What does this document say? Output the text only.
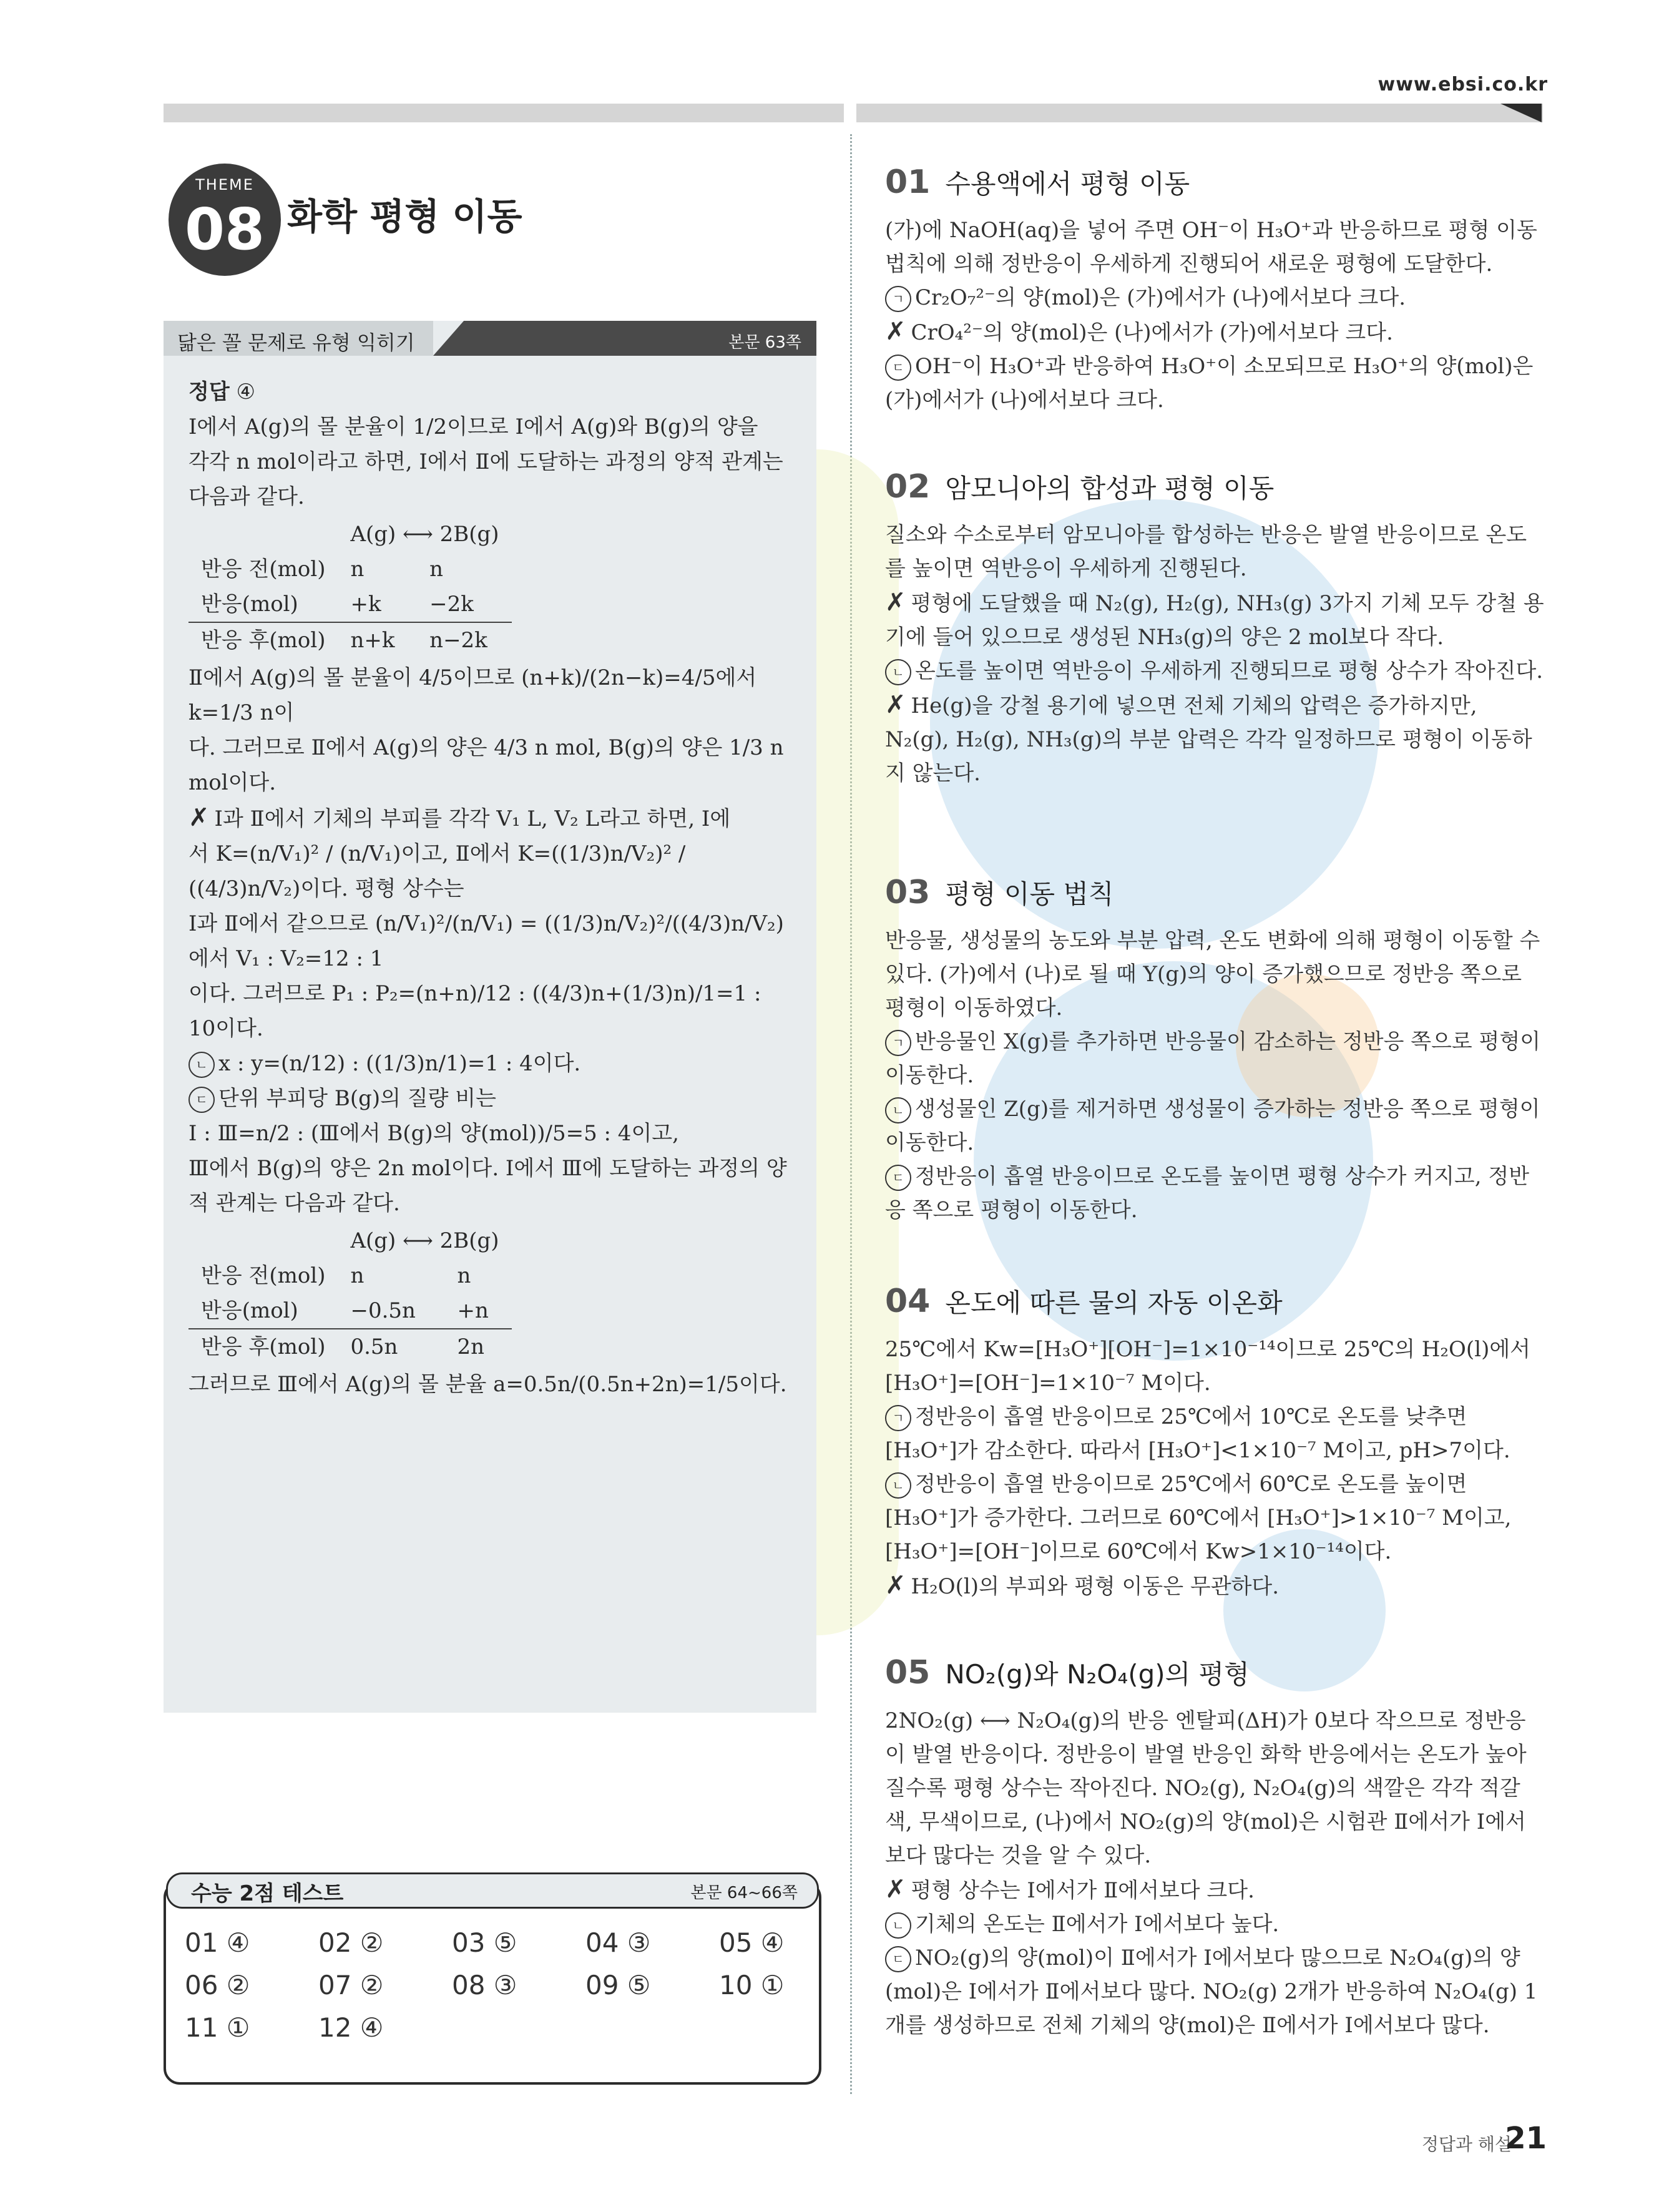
www.ebsi.co.kr
THEME
08 화학 평형 이동
닮은 꼴 문제로 유형 익히기	본문 63쪽

정답 ④

Ⅰ에서 A(g)의 몰 분율이 1/2이므로 Ⅰ에서 A(g)와 B(g)의 양을

각각 n mol이라고 하면, Ⅰ에서 Ⅱ에 도달하는 과정의 양적 관계는 다음과 같다.

	A(g) ⟷ 2B(g)	
반응 전(mol)	n	n
반응(mol)	+k	−2k
반응 후(mol)	n+k	n−2k

Ⅱ에서 A(g)의 몰 분율이 4/5이므로 (n+k)/(2n−k)=4/5에서 k=1/3 n이

다. 그러므로 Ⅱ에서 A(g)의 양은 4/3 n mol, B(g)의 양은 1/3 n

mol이다.

✗ Ⅰ과 Ⅱ에서 기체의 부피를 각각 V₁ L, V₂ L라고 하면, Ⅰ에

서 K=(n/V₁)² / (n/V₁)이고, Ⅱ에서 K=((1/3)n/V₂)² / ((4/3)n/V₂)이다. 평형 상수는

Ⅰ과 Ⅱ에서 같으므로 (n/V₁)²/(n/V₁) = ((1/3)n/V₂)²/((4/3)n/V₂)에서 V₁ : V₂=12 : 1

이다. 그러므로 P₁ : P₂=(n+n)/12 : ((4/3)n+(1/3)n)/1=1 : 10이다.

ㄴ x : y=(n/12) : ((1/3)n/1)=1 : 4이다.

ㄷ 단위 부피당 B(g)의 질량 비는

Ⅰ : Ⅲ=n/2 : (Ⅲ에서 B(g)의 양(mol))/5=5 : 4이고,

Ⅲ에서 B(g)의 양은 2n mol이다. Ⅰ에서 Ⅲ에 도달하는 과정의 양적 관계는 다음과 같다.

	A(g) ⟷ 2B(g)	
반응 전(mol)	n	n
반응(mol)	−0.5n	+n
반응 후(mol)	0.5n	2n

그러므로 Ⅲ에서 A(g)의 몰 분율 a=0.5n/(0.5n+2n)=1/5이다.

수능 2점 테스트	본문 64~66쪽
01 ④	02 ②	03 ⑤	04 ③	05 ④
06 ②	07 ②	08 ③	09 ⑤	10 ①
11 ①	12 ④
01 수용액에서 평형 이동

(가)에 NaOH(aq)을 넣어 주면 OH⁻이 H₃O⁺과 반응하므로 평형 이동 법칙에 의해 정반응이 우세하게 진행되어 새로운 평형에 도달한다.

ㄱ Cr₂O₇²⁻의 양(mol)은 (가)에서가 (나)에서보다 크다.

✗ CrO₄²⁻의 양(mol)은 (나)에서가 (가)에서보다 크다.

ㄷ OH⁻이 H₃O⁺과 반응하여 H₃O⁺이 소모되므로 H₃O⁺의 양(mol)은 (가)에서가 (나)에서보다 크다.

02 암모니아의 합성과 평형 이동

질소와 수소로부터 암모니아를 합성하는 반응은 발열 반응이므로 온도를 높이면 역반응이 우세하게 진행된다.

✗ 평형에 도달했을 때 N₂(g), H₂(g), NH₃(g) 3가지 기체 모두 강철 용기에 들어 있으므로 생성된 NH₃(g)의 양은 2 mol보다 작다.

ㄴ 온도를 높이면 역반응이 우세하게 진행되므로 평형 상수가 작아진다.

✗ He(g)을 강철 용기에 넣으면 전체 기체의 압력은 증가하지만, N₂(g), H₂(g), NH₃(g)의 부분 압력은 각각 일정하므로 평형이 이동하지 않는다.

03 평형 이동 법칙

반응물, 생성물의 농도와 부분 압력, 온도 변화에 의해 평형이 이동할 수 있다. (가)에서 (나)로 될 때 Y(g)의 양이 증가했으므로 정반응 쪽으로 평형이 이동하였다.

ㄱ 반응물인 X(g)를 추가하면 반응물이 감소하는 정반응 쪽으로 평형이 이동한다.

ㄴ 생성물인 Z(g)를 제거하면 생성물이 증가하는 정반응 쪽으로 평형이 이동한다.

ㄷ 정반응이 흡열 반응이므로 온도를 높이면 평형 상수가 커지고, 정반응 쪽으로 평형이 이동한다.

04 온도에 따른 물의 자동 이온화

25℃에서 Kw=[H₃O⁺][OH⁻]=1×10⁻¹⁴이므로 25℃의 H₂O(l)에서 [H₃O⁺]=[OH⁻]=1×10⁻⁷ M이다.

ㄱ 정반응이 흡열 반응이므로 25℃에서 10℃로 온도를 낮추면 [H₃O⁺]가 감소한다. 따라서 [H₃O⁺]<1×10⁻⁷ M이고, pH>7이다.

ㄴ 정반응이 흡열 반응이므로 25℃에서 60℃로 온도를 높이면 [H₃O⁺]가 증가한다. 그러므로 60℃에서 [H₃O⁺]>1×10⁻⁷ M이고, [H₃O⁺]=[OH⁻]이므로 60℃에서 Kw>1×10⁻¹⁴이다.

✗ H₂O(l)의 부피와 평형 이동은 무관하다.

05 NO₂(g)와 N₂O₄(g)의 평형

2NO₂(g) ⟷ N₂O₄(g)의 반응 엔탈피(ΔH)가 0보다 작으므로 정반응이 발열 반응이다. 정반응이 발열 반응인 화학 반응에서는 온도가 높아질수록 평형 상수는 작아진다. NO₂(g), N₂O₄(g)의 색깔은 각각 적갈색, 무색이므로, (나)에서 NO₂(g)의 양(mol)은 시험관 Ⅱ에서가 Ⅰ에서보다 많다는 것을 알 수 있다.

✗ 평형 상수는 Ⅰ에서가 Ⅱ에서보다 크다.

ㄴ 기체의 온도는 Ⅱ에서가 Ⅰ에서보다 높다.

ㄷ NO₂(g)의 양(mol)이 Ⅱ에서가 Ⅰ에서보다 많으므로 N₂O₄(g)의 양(mol)은 Ⅰ에서가 Ⅱ에서보다 많다. NO₂(g) 2개가 반응하여 N₂O₄(g) 1개를 생성하므로 전체 기체의 양(mol)은 Ⅱ에서가 Ⅰ에서보다 많다.

정답과 해설
21
